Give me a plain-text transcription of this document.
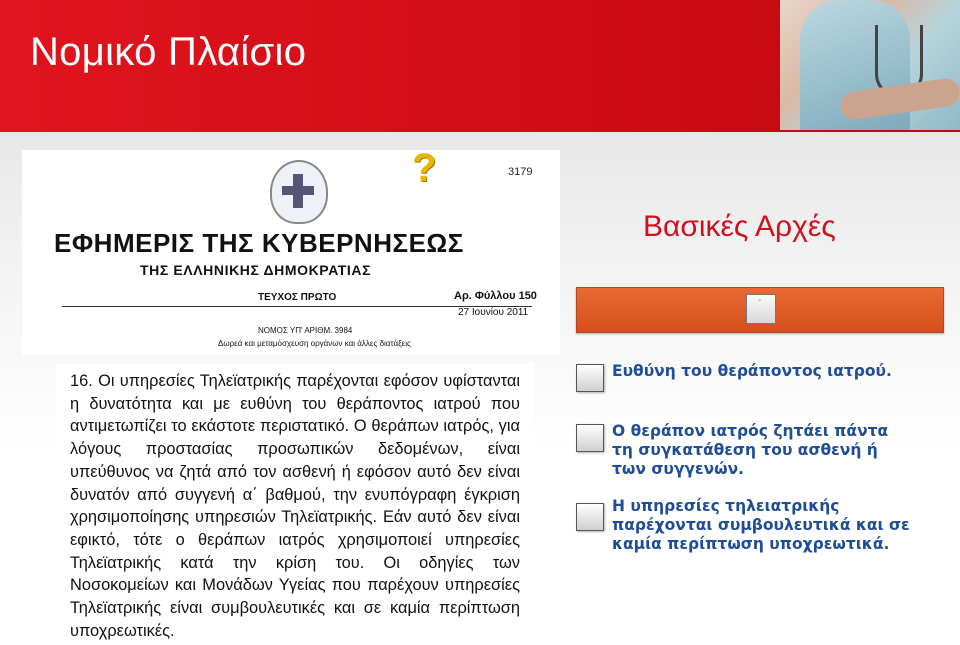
Νομικό Πλαίσιο
?	3179
ΕΦΗΜΕΡΙΣ ΤΗΣ ΚΥΒΕΡΝΗΣΕΩΣ
ΤΗΣ ΕΛΛΗΝΙΚΗΣ ΔΗΜΟΚΡΑΤΙΑΣ
ΤΕΥΧΟΣ ΠΡΩΤΟ	Αρ. Φύλλου 150
27 Ιουνίου 2011
ΝΟΜΟΣ ΥΠ' ΑΡΙΘΜ. 3984
Δωρεά και μεταμόσχευση οργάνων και άλλες διατάξεις

16. Οι υπηρεσίες Τηλεϊατρικής παρέχονται εφόσον υφίστανται η δυνατότητα και με ευθύνη του θεράποντος ιατρού που αντιμετωπίζει το εκάστοτε περιστατικό. Ο θεράπων ιατρός, για λόγους προστασίας προσωπικών δεδομένων, είναι υπεύθυνος να ζητά από τον ασθενή ή εφόσον αυτό δεν είναι δυνατόν από συγγενή α΄ βαθμού, την ενυπόγραφη έγκριση χρησιμοποίησης υπηρεσιών Τηλεϊατρικής. Εάν αυτό δεν είναι εφικτό, τότε ο θεράπων ιατρός χρησιμοποιεί υπηρεσίες Τηλεϊατρικής κατά την κρίση του. Οι οδηγίες των Νοσοκομείων και Μονάδων Υγείας που παρέχουν υπηρεσίες Τηλεϊατρικής είναι συμβουλευτικές και σε καμία περίπτωση υποχρεωτικές.

Βασικές Αρχές
ˇ
Ευθύνη του θεράποντος ιατρού.
Ο θεράπον ιατρός ζητάει πάντα τη συγκατάθεση του ασθενή ή των συγγενών.
Η υπηρεσίες τηλειατρικής παρέχονται συμβουλευτικά και σε καμία περίπτωση υποχρεωτικά.
